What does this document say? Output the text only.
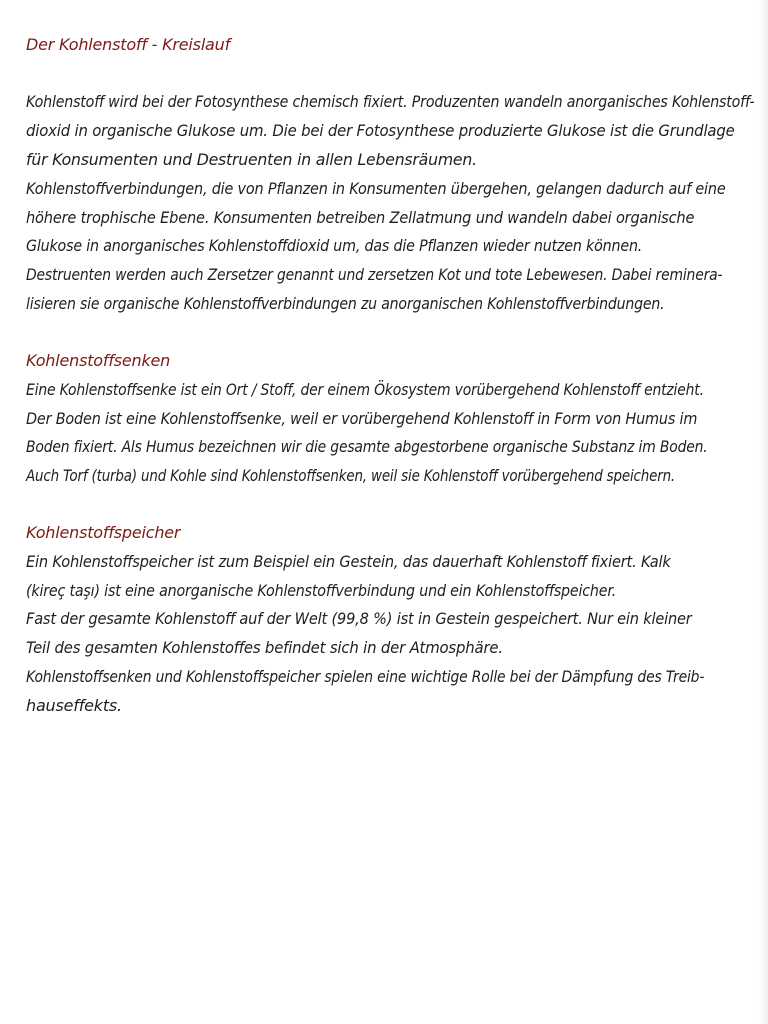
Der Kohlenstoff - Kreislauf
Kohlenstoff wird bei der Fotosynthese chemisch fixiert. Produzenten wandeln anorganisches Kohlenstoff-
dioxid in organische Glukose um. Die bei der Fotosynthese produzierte Glukose ist die Grundlage
für Konsumenten und Destruenten in allen Lebensräumen.
Kohlenstoffverbindungen, die von Pflanzen in Konsumenten übergehen, gelangen dadurch auf eine
höhere trophische Ebene. Konsumenten betreiben Zellatmung und wandeln dabei organische
Glukose in anorganisches Kohlenstoffdioxid um, das die Pflanzen wieder nutzen können.
Destruenten werden auch Zersetzer genannt und zersetzen Kot und tote Lebewesen. Dabei reminera-
lisieren sie organische Kohlenstoffverbindungen zu anorganischen Kohlenstoffverbindungen.
Kohlenstoffsenken
Eine Kohlenstoffsenke ist ein Ort / Stoff, der einem Ökosystem vorübergehend Kohlenstoff entzieht.
Der Boden ist eine Kohlenstoffsenke, weil er vorübergehend Kohlenstoff in Form von Humus im
Boden fixiert. Als Humus bezeichnen wir die gesamte abgestorbene organische Substanz im Boden.
Auch Torf (turba) und Kohle sind Kohlenstoffsenken, weil sie Kohlenstoff vorübergehend speichern.
Kohlenstoffspeicher
Ein Kohlenstoffspeicher ist zum Beispiel ein Gestein, das dauerhaft Kohlenstoff fixiert. Kalk
(kireç taşı) ist eine anorganische Kohlenstoffverbindung und ein Kohlenstoffspeicher.
Fast der gesamte Kohlenstoff auf der Welt (99,8 %) ist in Gestein gespeichert. Nur ein kleiner
Teil des gesamten Kohlenstoffes befindet sich in der Atmosphäre.
Kohlenstoffsenken und Kohlenstoffspeicher spielen eine wichtige Rolle bei der Dämpfung des Treib-
hauseffekts.
